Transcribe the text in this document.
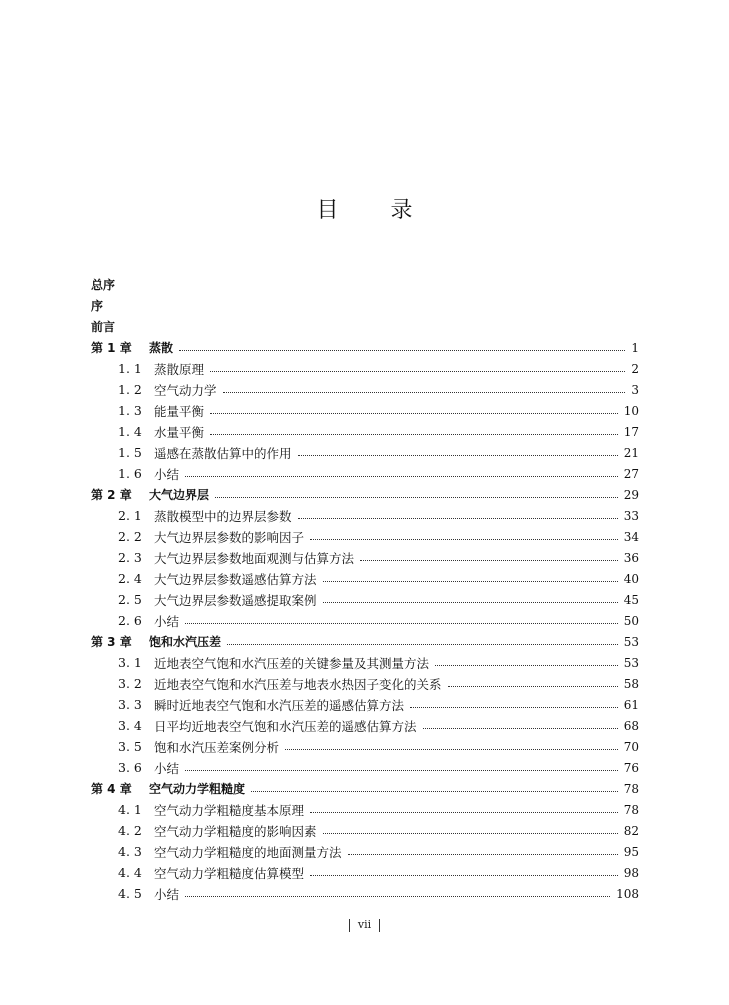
目 录
总序
序
前言
第 1 章	蒸散	1
1. 1 蒸散原理	2
1. 2 空气动力学	3
1. 3 能量平衡	10
1. 4 水量平衡	17
1. 5 遥感在蒸散估算中的作用	21
1. 6 小结	27
第 2 章	大气边界层	29
2. 1 蒸散模型中的边界层参数	33
2. 2 大气边界层参数的影响因子	34
2. 3 大气边界层参数地面观测与估算方法	36
2. 4 大气边界层参数遥感估算方法	40
2. 5 大气边界层参数遥感提取案例	45
2. 6 小结	50
第 3 章	饱和水汽压差	53
3. 1 近地表空气饱和水汽压差的关键参量及其测量方法	53
3. 2 近地表空气饱和水汽压差与地表水热因子变化的关系	58
3. 3 瞬时近地表空气饱和水汽压差的遥感估算方法	61
3. 4 日平均近地表空气饱和水汽压差的遥感估算方法	68
3. 5 饱和水汽压差案例分析	70
3. 6 小结	76
第 4 章	空气动力学粗糙度	78
4. 1 空气动力学粗糙度基本原理	78
4. 2 空气动力学粗糙度的影响因素	82
4. 3 空气动力学粗糙度的地面测量方法	95
4. 4 空气动力学粗糙度估算模型	98
4. 5 小结	108
vii
